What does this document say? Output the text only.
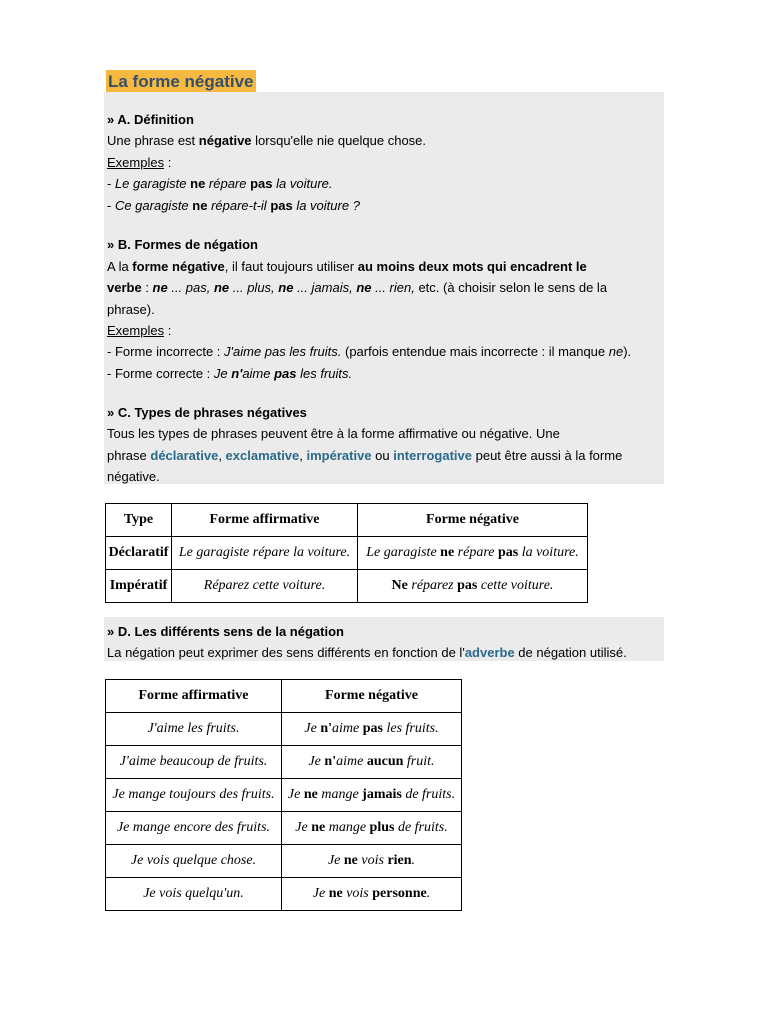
La forme négative
» A. Définition
Une phrase est négative lorsqu'elle nie quelque chose.
Exemples :
- Le garagiste ne répare pas la voiture.
- Ce garagiste ne répare-t-il pas la voiture ?
» B. Formes de négation
A la forme négative, il faut toujours utiliser au moins deux mots qui encadrent le
verbe : ne ... pas, ne ... plus, ne ... jamais, ne ... rien, etc. (à choisir selon le sens de la
phrase).
Exemples :
- Forme incorrecte : J'aime pas les fruits. (parfois entendue mais incorrecte : il manque ne).
- Forme correcte : Je n'aime pas les fruits.
» C. Types de phrases négatives
Tous les types de phrases peuvent être à la forme affirmative ou négative. Une
phrase déclarative, exclamative, impérative ou interrogative peut être aussi à la forme
négative.
Type	Forme affirmative	Forme négative
Déclaratif	Le garagiste répare la voiture.	Le garagiste ne répare pas la voiture.
Impératif	Réparez cette voiture.	Ne réparez pas cette voiture.
» D. Les différents sens de la négation
La négation peut exprimer des sens différents en fonction de l'adverbe de négation utilisé.
Forme affirmative	Forme négative
J'aime les fruits.	Je n'aime pas les fruits.
J'aime beaucoup de fruits.	Je n'aime aucun fruit.
Je mange toujours des fruits.	Je ne mange jamais de fruits.
Je mange encore des fruits.	Je ne mange plus de fruits.
Je vois quelque chose.	Je ne vois rien.
Je vois quelqu'un.	Je ne vois personne.
